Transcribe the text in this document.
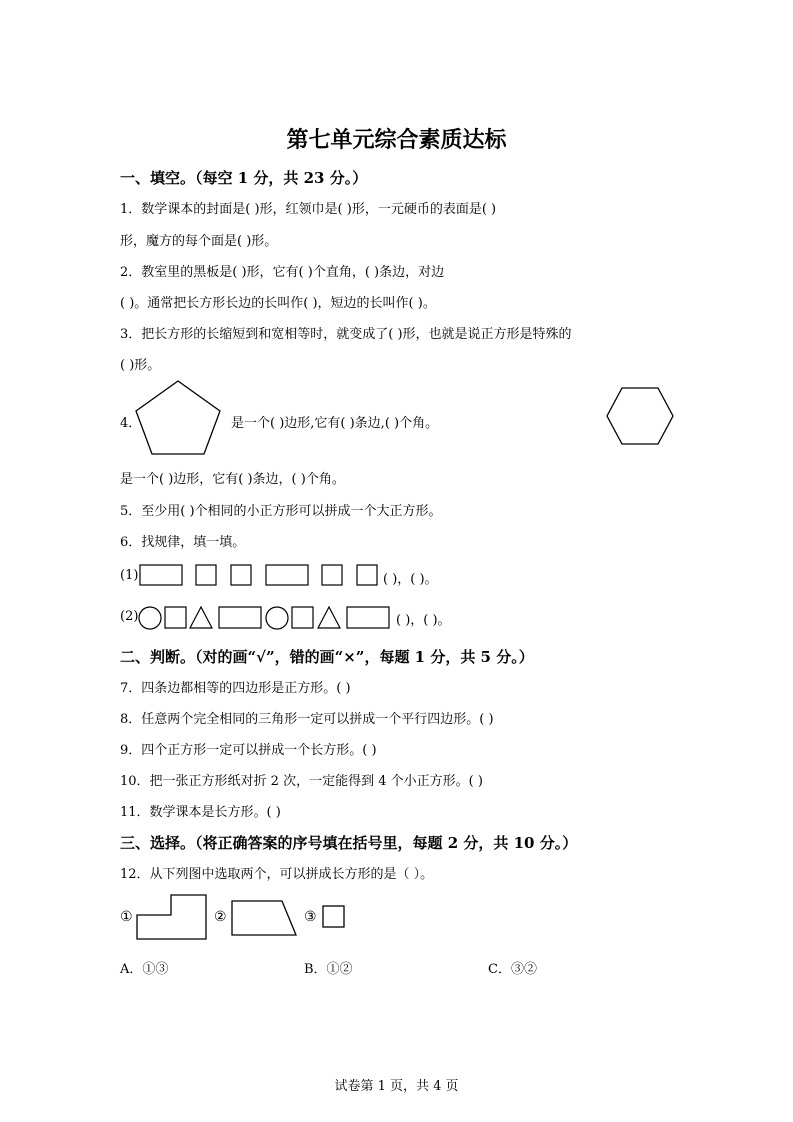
第七单元综合素质达标
一、填空。（每空 1 分，共 23 分。）
1．数学课本的封面是( )形，红领巾是( )形，一元硬币的表面是( )
形，魔方的每个面是( )形。
2．教室里的黑板是( )形，它有( )个直角，( )条边，对边
( )。通常把长方形长边的长叫作( )，短边的长叫作( )。
3．把长方形的长缩短到和宽相等时，就变成了( )形，也就是说正方形是特殊的
( )形。
4．	是一个( )边形,它有( )条边,( )个角。
是一个( )边形，它有( )条边，( )个角。
5．至少用( )个相同的小正方形可以拼成一个大正方形。
6．找规律，填一填。
(1)	( )，( )。
(2)	( )，( )。
二、判断。（对的画“√”，错的画“×”，每题 1 分，共 5 分。）
7．四条边都相等的四边形是正方形。( )
8．任意两个完全相同的三角形一定可以拼成一个平行四边形。( )
9．四个正方形一定可以拼成一个长方形。( )
10．把一张正方形纸对折 2 次，一定能得到 4 个小正方形。( )
11．数学课本是长方形。( )
三、选择。（将正确答案的序号填在括号里，每题 2 分，共 10 分。）
12．从下列图中选取两个，可以拼成长方形的是（ ）。
①	②	③
A．①③	B．①②	C．③②
试卷第 1 页，共 4 页
